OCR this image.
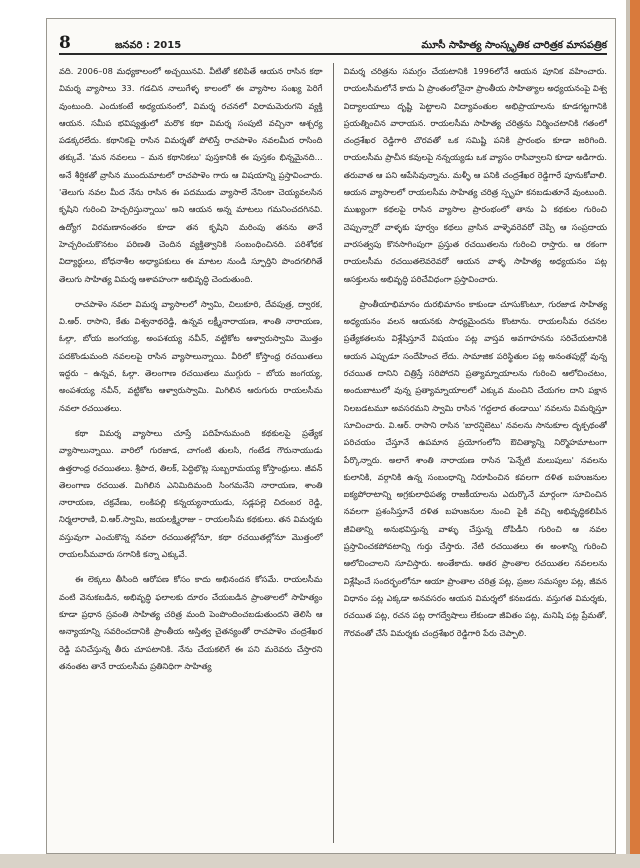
8	జనవరి : 2015	మూసీ సాహిత్య సాంస్కృతిక చారిత్రక మాసపత్రిక

వది. 2006–08 మధ్యకాలంలో అచ్చయినవి. వీటితో కలిపితే ఆయన రాసిన కథా విమర్శ వ్యాసాలు 33. గడచిన నాలుగేళ్ళ కాలంలో ఈ వ్యాసాల సంఖ్య పెరిగే వుంటుంది. ఎందుకంటే అధ్యయనంలో, విమర్శ రచనలో విరామమెరుగని వ్యక్తి ఆయన. సమీప భవిష్యత్తులో మరొక కథా విమర్శ సంపుటి వచ్చినా ఆశ్చర్య పడక్కరలేదు. కథానికపై రాసిన విమర్శతో పోలిస్తే రాచపాళెం నవలమీద రాసింది తక్కువే. 'మన నవలలు – మన కథానికలు' పుస్తకానికి ఈ పుస్తకం భిన్నమైనది... అనే శీర్షికతో వ్రాసిన ముందుమాటలో రాచపాళెం గారు ఆ విషయాన్ని ప్రస్తావించారు. 'తెలుగు నవల మీద నేను రాసిన ఈ పదముడు వ్యాసాలే నేనింకా చెయ్యవలసిన కృషిని గురించి హెచ్చరిస్తున్నాయి' అని ఆయన అన్న మాటలు గమనించదగినవి. ఉద్యోగ విరమణానంతరం కూడా తన కృషిని మరింపు తనను తానే హెచ్చరించుకొనటం పరిణతి చెందిన వ్యక్తిత్వానికి సంబంధించినది. పరిశోధక విద్యార్థులు, బోధనాశీల అధ్యాపకులు ఈ మాటల నుండి స్ఫూర్తిని పొందగలిగితే తెలుగు సాహిత్య విమర్శ ఆశావహంగా అభివృద్ధి చెందుతుంది.

రాచపాళెం నవలా విమర్శ వ్యాసాలలో స్వామి, చిలుకూరి, దేవపుత్ర, ద్వారక, వి.ఆర్. రాసాని, కేతు విశ్వనాథరెడ్డి, ఉన్నవ లక్ష్మీనారాయణ, శాంతి నారాయణ, ఓల్గా, బోయ జంగయ్య, అంపశయ్య నవీన్, వట్టికోట ఆళ్వారుస్వామి మొత్తం పదకొండుమంది నవలలపై రాసిన వ్యాసాలున్నాయి. వీరిలో కోస్తాంధ్ర రచయితలు ఇద్దరు – ఉన్నవ, ఓల్గా. తెలంగాణ రచయితలు ముగ్గురు – బోయ జంగయ్య, అంపశయ్య నవీన్, వట్టికోట ఆళ్వారుస్వామి. మిగిలిన ఆరుగురు రాయలసీమ నవలా రచయితలు.

కథా విమర్శ వ్యాసాలు చూస్తే పదిహేనుమంది కథకులపై ప్రత్యేక వ్యాసాలున్నాయి. వారిలో గురజాడ, చాగంటి తులసి, గంటేడ గౌరునాయుడు ఉత్తరాంధ్ర రచయితలు. శ్రీపాద, తిలక్, పెద్దిభొట్ల సుబ్బరామయ్య కోస్తాంధ్రులు. జీవన్ తెలంగాణ రచయిత. మిగిలిన ఎనిమిదిమంది సింగమనేని నారాయణ, శాంతి నారాయణ, చక్రవేణు, లంకిపల్లి కన్నయ్యనాయుడు, సడ్లపల్లె చిదంబర రెడ్డి, నిర్మలారాణి, వి.ఆర్.స్వామి, జయలక్ష్మిరాజు – రాయలసీమ కథకులు. తన విమర్శకు వస్తువుగా ఎంచుకొన్న నవలా రచయితల్లోనూ, కథా రచయితల్లోనూ మొత్తంలో రాయలసీమవారు సగానికి కన్నా ఎక్కువే.

ఈ లెక్కలు తీసింది ఆరోపణ కోసం కాదు అభినందన కోసమే. రాయలసీమ వంటి వెనుకబడిన, అభివృద్ధి ఫలాలకు దూరం చేయబడిన ప్రాంతాలలో సాహిత్యం కూడా ప్రధాన స్రవంతి సాహిత్య చరిత్ర మంది పెంపొందించబడుతుందని తెలిసి ఆ అన్యాయాన్ని సవరించదానికి ప్రాంతీయ అస్తిత్వ చైతన్యంతో రాచపాళెం చంద్రశేఖర రెడ్డి పనిచేస్తున్న తీరు చూపటానికి. నేను చేయకలిగే ఈ పని మరెవరు చేస్తారని తనంతట తానే రాయలసీమ ప్రతినిధిగా సాహిత్య

విమర్శ చరిత్రను సమగ్రం చేయటానికి 1996లోనే ఆయన పూనిక వహించారు. రాయలసీమలోనే కాదు ఏ ప్రాంతంలోనైనా ప్రాంతీయ సాహిత్యాల అధ్యయనంపై విశ్వ విద్యాలయాలు దృష్టి పెట్టాలని విద్యావంతుల అభిప్రాయాలను కూడగట్టగానికి ప్రయత్నించిన వారాయన. రాయలసీమ సాహిత్య చరిత్రను నిర్మించటానికి గతంలో చంద్రశేఖర రెడ్డిగారి చొరవతో ఒక సమిష్టి పనికి ప్రారంభం కూడా జరిగింది. రాయలసీమ ప్రాచీన కవులపై నన్నయ్యడు ఒక వ్యాసం రాసివ్వాలని కూడా అడిగారు. తరువాత ఆ పని ఆపేసివున్నాను. మళ్ళీ ఆ పనికి చంద్రశేఖర రెడ్డిగారే పూనుకోవాలి. ఆయన వ్యాసాలలో రాయలసీమ సాహిత్య చరిత్ర స్పృహ కనబడుతూనే వుంటుంది. ముఖ్యంగా కథలపై రాసిన వ్యాసాల ప్రారంభంలో తాను ఏ కథకుల గురించి చెప్పున్నారో వాళ్ళకు పూర్వం కథలు వ్రాసిన వాళ్ళెవరెవరో చెప్పి ఆ సంప్రదాయ వారసత్వపు కొనసాగింపుగా ప్రస్తుత రచయితలను గురించి రాస్తారు. ఆ రకంగా రాయలసీమ రచయితలెవరెవరో ఆయన వాళ్ళ సాహిత్య అధ్యయనం పట్ల ఆసక్తులను అభివృద్ధి పరిచేవిధంగా ప్రస్తావించారు.

ప్రాంతీయాభిమానం దురభిమానం కాకుండా చూసుకొంటూ, గురజాడ సాహిత్య అధ్యయనం వలన ఆయనకు సాధ్యమైందను కొంటాను. రాయలసీమ రచనల ప్రత్యేకతలను విశ్లేషిస్తూనే విషయం పట్ల వాస్తవ అవగాహనను సరిచేయటానికి ఆయన ఎప్పుడూ సందేహించ లేదు. సామాజిక పరిస్థితుల పట్ల అనంతపుర్లో వున్న రచయిత దానిని చిత్రిస్తే సరిపోదని ప్రత్యామ్నాయాలను గురించి ఆలోచించటం, అందుబాటులో వున్న ప్రత్యామ్నాయాలలో ఎక్కువ మంచిని చేయగల దాని పక్షాన నిలబడటమూ అవసరమని స్వామి రాసిన 'గద్దలాద తండాయి' నవలను విమర్శిస్తూ సూచించారు. వి.ఆర్. రాసాని రాసిన 'బారన్షిబెటు' నవలను సానుకూల దృక్పథంతో పరిచయం చేస్తూనే ఉపమాన ప్రయోగంలోని ఔచిత్యాన్ని నిర్మొహమాటంగా పేర్కొన్నారు. అలాగే శాంతి నారాయణ రాసిన 'పెన్నేటి మలుపులు' నవలను కులానికి, వర్గానికి ఉన్న సంబంధాన్ని నిరూపించిన కవలగా దళిత బహుజనుల ఐక్యపోరాటాన్ని అగ్రకులాధిపత్య రాజకీయాలను ఎదుర్కొనే మార్గంగా సూచించిన నవలగా ప్రశంసిస్తూనే దళిత బహుజనుల నుంచి పైకి వచ్చి అభివృద్ధికలిపిన జీవితాన్ని అనుభవిస్తున్న వాళ్ళు చేస్తున్న దోపిడీని గురించి ఆ నవల ప్రస్తావించకపోవటాన్ని గుర్తు చేస్తారు. నేటి రచయితలు ఈ అంశాన్ని గురించి ఆలోచించాలని సూచిస్తారు. అంతేకాదు. ఆతర ప్రాంతాల రచయితల నవలలను విశ్లేషించే సందర్భంలోనూ ఆయా ప్రాంతాల చరిత్ర పట్ల, ప్రజల సమస్యల పట్ల, జీవన విధానం పట్ల ఎక్కడా అనవసరం ఆయన విమర్శలో కనబడదు. వస్తుగత విమర్శకు, రచయిత పట్ల, రచన పట్ల రాగద్వేషాలు లేకుండా జీవితం పట్ల, మనిషి పట్ల ప్రేమతో, గౌరవంతో చేసే విమర్శకు చంద్రశేఖర రెడ్డిగారి పేరు చెప్పాలి.
